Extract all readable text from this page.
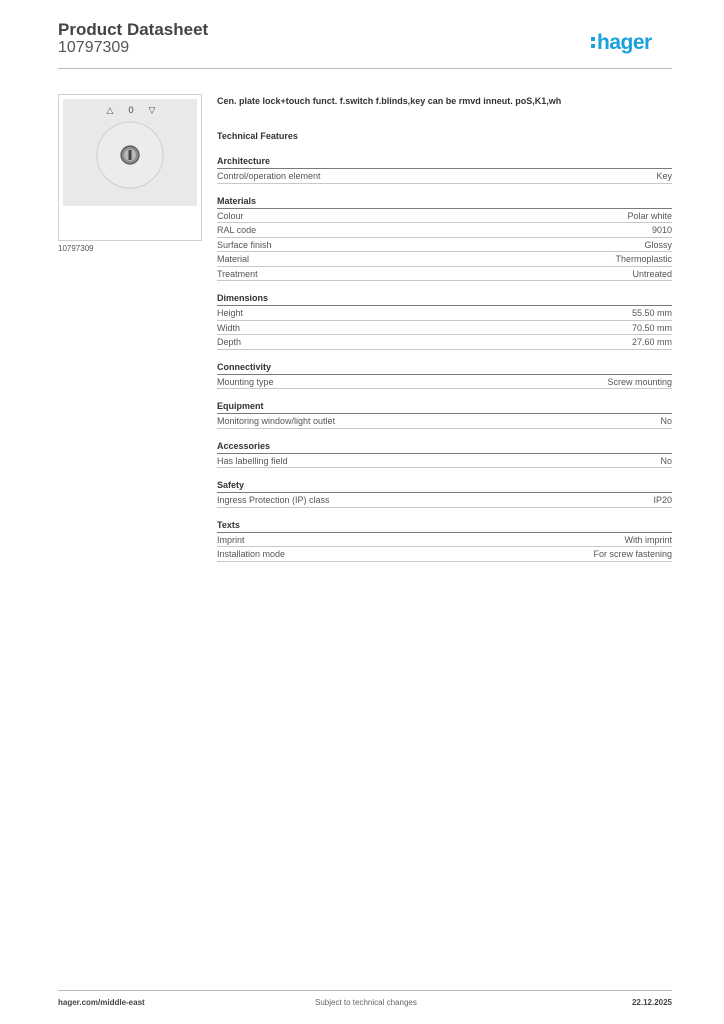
Product Datasheet
10797309	hager
△ 0 ▽
10797309
Cen. plate lock+touch funct. f.switch f.blinds,key can be rmvd inneut. poS,K1,wh
Technical Features
Architecture
Control/operation element	Key
Materials
Colour	Polar white
RAL code	9010
Surface finish	Glossy
Material	Thermoplastic
Treatment	Untreated
Dimensions
Height	55.50 mm
Width	70.50 mm
Depth	27.60 mm
Connectivity
Mounting type	Screw mounting
Equipment
Monitoring window/light outlet	No
Accessories
Has labelling field	No
Safety
Ingress Protection (IP) class	IP20
Texts
Imprint	With imprint
Installation mode	For screw fastening
hager.com/middle-east	Subject to technical changes	22.12.2025
